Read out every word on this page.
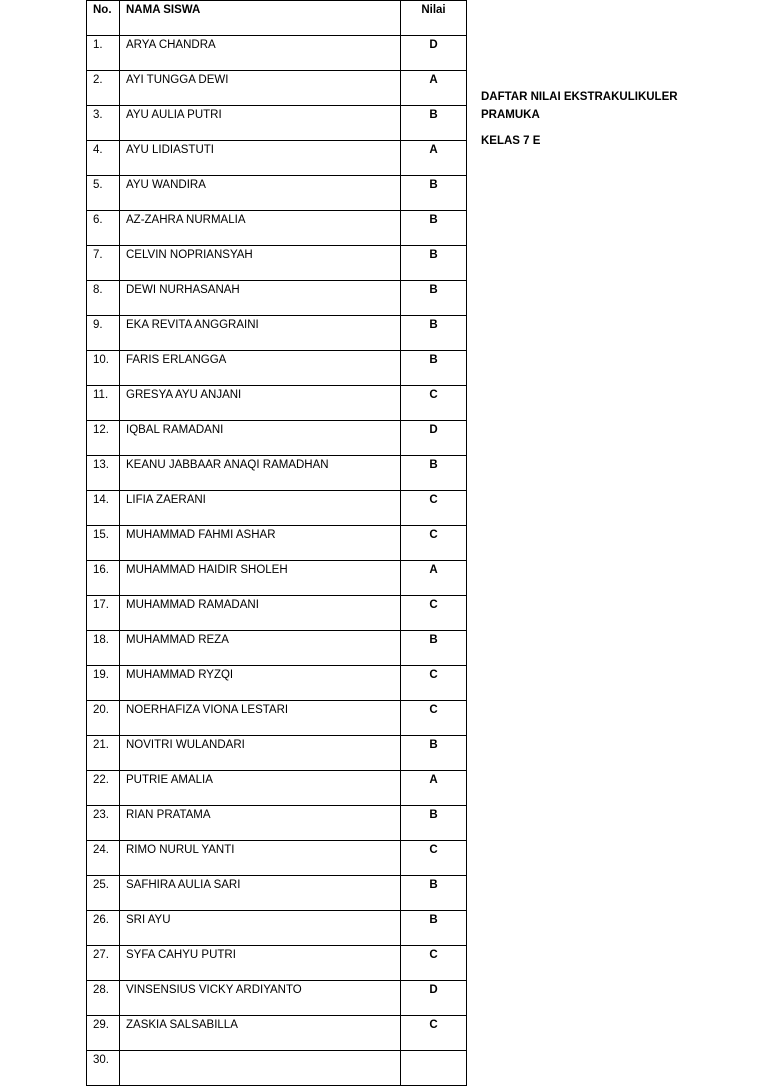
No.	NAMA SISWA	Nilai
1.	ARYA CHANDRA	D
2.	AYI TUNGGA DEWI	A
3.	AYU AULIA PUTRI	B
4.	AYU LIDIASTUTI	A
5.	AYU WANDIRA	B
6.	AZ-ZAHRA NURMALIA	B
7.	CELVIN NOPRIANSYAH	B
8.	DEWI NURHASANAH	B
9.	EKA REVITA ANGGRAINI	B
10.	FARIS ERLANGGA	B
11.	GRESYA AYU ANJANI	C
12.	IQBAL RAMADANI	D
13.	KEANU JABBAAR ANAQI RAMADHAN	B
14.	LIFIA ZAERANI	C
15.	MUHAMMAD FAHMI ASHAR	C
16.	MUHAMMAD HAIDIR SHOLEH	A
17.	MUHAMMAD RAMADANI	C
18.	MUHAMMAD REZA	B
19.	MUHAMMAD RYZQI	C
20.	NOERHAFIZA VIONA LESTARI	C
21.	NOVITRI WULANDARI	B
22.	PUTRIE AMALIA	A
23.	RIAN PRATAMA	B
24.	RIMO NURUL YANTI	C
25.	SAFHIRA AULIA SARI	B
26.	SRI AYU	B
27.	SYFA CAHYU PUTRI	C
28.	VINSENSIUS VICKY ARDIYANTO	D
29.	ZASKIA SALSABILLA	C
30.		
DAFTAR NILAI EKSTRAKULIKULER PRAMUKA
KELAS 7 E
